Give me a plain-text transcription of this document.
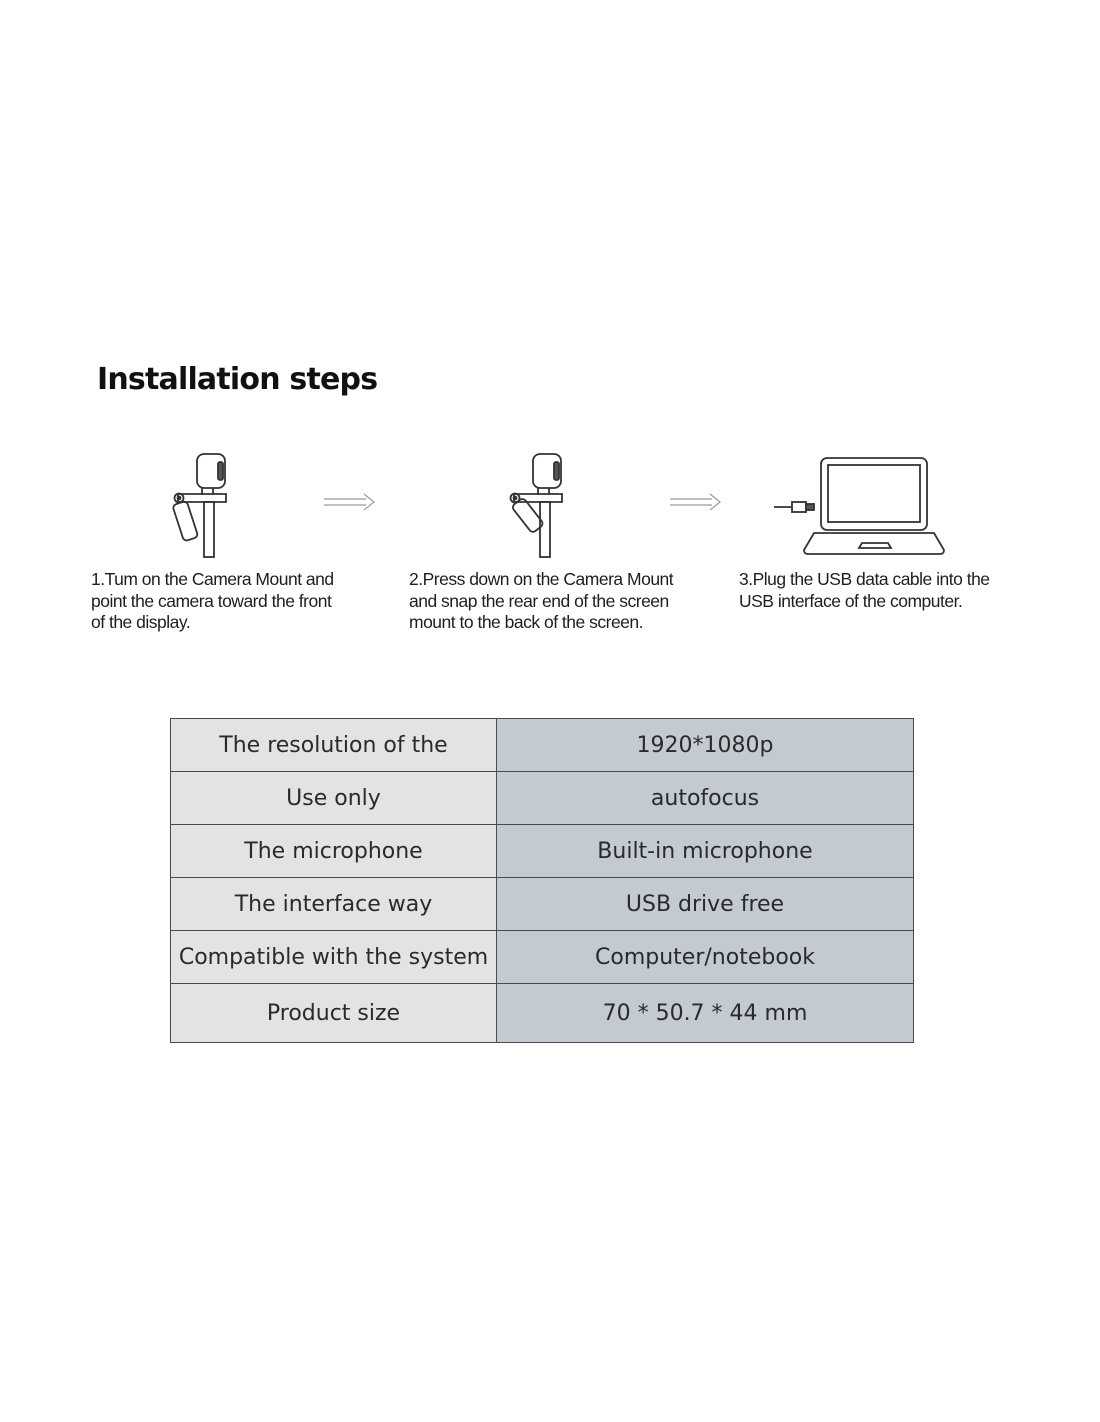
Installation steps

1.Tum on the Camera Mount and
point the camera toward the front
of the display.

2.Press down on the Camera Mount
and snap the rear end of the screen
mount to the back of the screen.

3.Plug the USB data cable into the
USB interface of the computer.

The resolution of the	1920*1080p
Use only	autofocus
The microphone	Built-in microphone
The interface way	USB drive free
Compatible with the system	Computer/notebook
Product size	70 * 50.7 * 44 mm
